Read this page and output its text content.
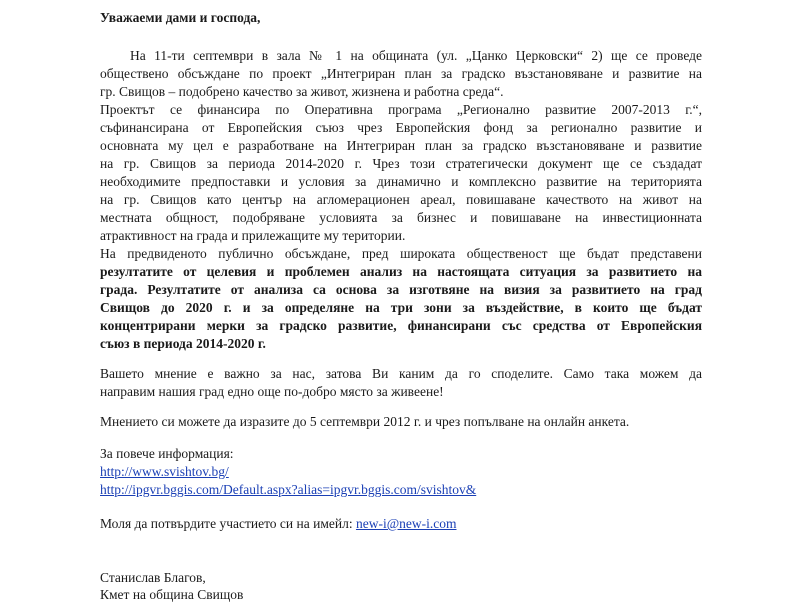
Уважаеми дами и господа,
На 11-ти септември в зала № 1 на общината (ул. „Цанко Церковски“ 2) ще се проведе
обществено обсъждане по проект „Интегриран план за градско възстановяване и развитие на
гр. Свищов – подобрено качество за живот, жизнена и работна среда“.
Проектът се финансира по Оперативна програма „Регионално развитие 2007-2013 г.“,
съфинансирана от Европейския съюз чрез Европейския фонд за регионално развитие и
основната му цел е разработване на Интегриран план за градско възстановяване и развитие
на гр. Свищов за периода 2014-2020 г. Чрез този стратегически документ ще се създадат
необходимите предпоставки и условия за динамично и комплексно развитие на територията
на гр. Свищов като център на агломерационен ареал, повишаване качеството на живот на
местната общност, подобряване условията за бизнес и повишаване на инвестиционната
атрактивност на града и прилежащите му територии.
На предвиденото публично обсъждане, пред широката общественост ще бъдат представени
резултатите от целевия и проблемен анализ на настоящата ситуация за развитието на
града. Резултатите от анализа са основа за изготвяне на визия за развитието на град
Свищов до 2020 г. и за определяне на три зони за въздействие, в които ще бъдат
концентрирани мерки за градско развитие, финансирани със средства от Европейския
съюз в периода 2014-2020 г.
Вашето мнение е важно за нас, затова Ви каним да го споделите. Само така можем да
направим нашия град едно още по-добро място за живеене!
Мнението си можете да изразите до 5 септември 2012 г. и чрез попълване на онлайн анкета.
За повече информация:
http://www.svishtov.bg/
http://ipgvr.bggis.com/Default.aspx?alias=ipgvr.bggis.com/svishtov&
Моля да потвърдите участието си на имейл: new-i@new-i.com
Станислав Благов,
Кмет на община Свищов
